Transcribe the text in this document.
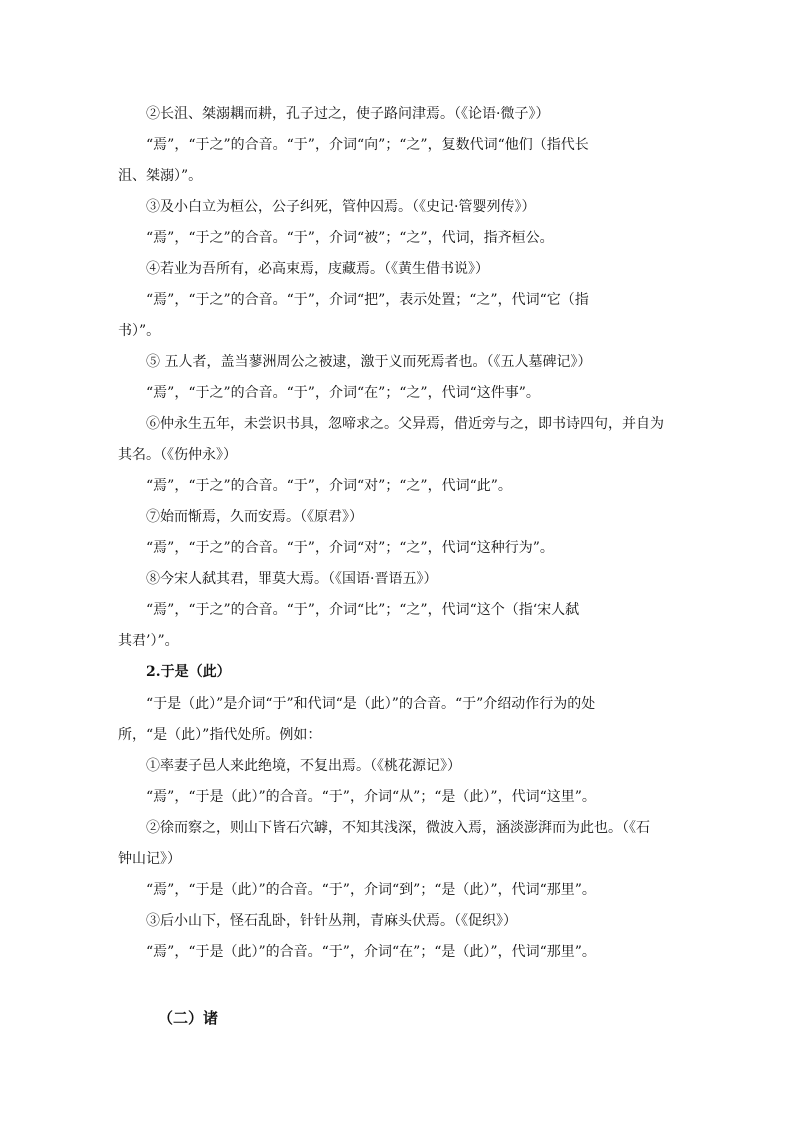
②长沮、桀溺耦而耕，孔子过之，使子路问津焉。（《论语·微子》）
“焉”，“于之”的合音。“于”，介词“向”；“之”，复数代词“他们（指代长
沮、桀溺）”。
③及小白立为桓公，公子纠死，管仲囚焉。（《史记·管婴列传》）
“焉”，“于之”的合音。“于”，介词“被”；“之”，代词，指齐桓公。
④若业为吾所有，必高束焉，庋藏焉。（《黄生借书说》）
“焉”，“于之”的合音。“于”，介词“把”，表示处置；“之”，代词“它（指
书）”。
⑤ 五人者，盖当蓼洲周公之被逮，激于义而死焉者也。（《五人墓碑记》）
“焉”，“于之”的合音。“于”，介词“在”；“之”，代词“这件事”。
⑥仲永生五年，未尝识书具，忽啼求之。父异焉，借近旁与之，即书诗四句，并自为
其名。（《伤仲永》）
“焉”，“于之”的合音。“于”，介词“对”；“之”，代词“此”。
⑦始而惭焉，久而安焉。（《原君》）
“焉”，“于之”的合音。“于”，介词“对”；“之”，代词“这种行为”。
⑧今宋人弑其君，罪莫大焉。（《国语·晋语五》）
“焉”，“于之”的合音。“于”，介词“比”；“之”，代词“这个（指‘宋人弑
其君’）”。
2.于是（此）
“于是（此）”是介词“于”和代词“是（此）”的合音。“于”介绍动作行为的处
所，“是（此）”指代处所。例如：
①率妻子邑人来此绝境，不复出焉。（《桃花源记》）
“焉”，“于是（此）”的合音。“于”，介词“从”；“是（此）”，代词“这里”。
②徐而察之，则山下皆石穴罅，不知其浅深，微波入焉，涵淡澎湃而为此也。（《石
钟山记》）
“焉”，“于是（此）”的合音。“于”，介词“到”；“是（此）”，代词“那里”。
③后小山下，怪石乱卧，针针丛荆，青麻头伏焉。（《促织》）
“焉”，“于是（此）”的合音。“于”，介词“在”；“是（此）”，代词“那里”。
（二）诸
